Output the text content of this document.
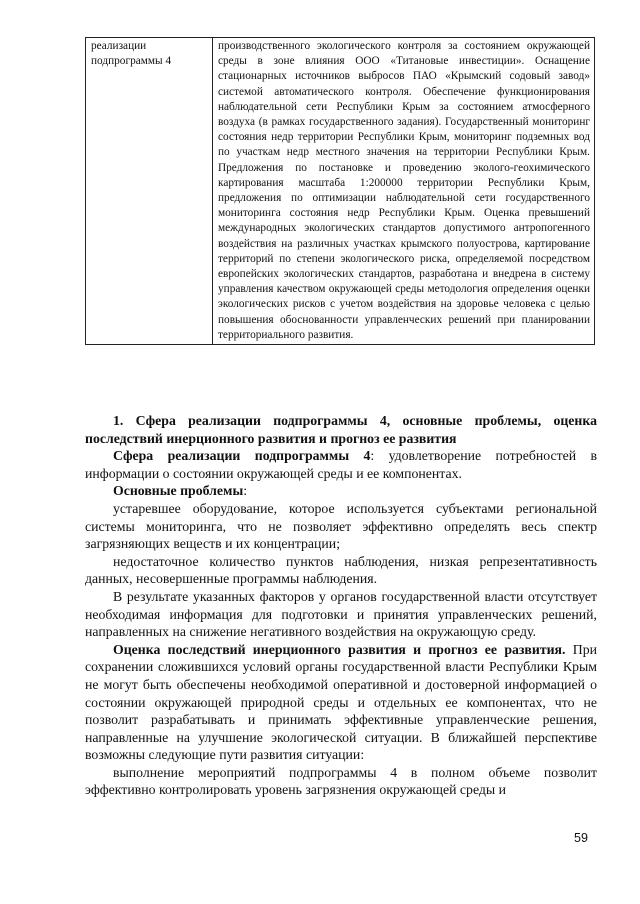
реализации подпрограммы 4	производственного экологического контроля за состоянием окружающей среды в зоне влияния ООО «Титановые инвестиции». Оснащение стационарных источников выбросов ПАО «Крымский содовый завод» системой автоматического контроля. Обеспечение функционирования наблюдательной сети Республики Крым за состоянием атмосферного воздуха (в рамках государственного задания). Государственный мониторинг состояния недр территории Республики Крым, мониторинг подземных вод по участкам недр местного значения на территории Республики Крым. Предложения по постановке и проведению эколого-геохимического картирования масштаба 1:200000 территории Республики Крым, предложения по оптимизации наблюдательной сети государственного мониторинга состояния недр Республики Крым. Оценка превышений международных экологических стандартов допустимого антропогенного воздействия на различных участках крымского полуострова, картирование территорий по степени экологического риска, определяемой посредством европейских экологических стандартов, разработана и внедрена в систему управления качеством окружающей среды методология определения оценки экологических рисков с учетом воздействия на здоровье человека с целью повышения обоснованности управленческих решений при планировании территориального развития.

1. Сфера реализации подпрограммы 4, основные проблемы, оценка последствий инерционного развития и прогноз ее развития

Сфера реализации подпрограммы 4: удовлетворение потребностей в информации о состоянии окружающей среды и ее компонентах.

Основные проблемы:

устаревшее оборудование, которое используется субъектами региональной системы мониторинга, что не позволяет эффективно определять весь спектр загрязняющих веществ и их концентрации;

недостаточное количество пунктов наблюдения, низкая репрезентативность данных, несовершенные программы наблюдения.

В результате указанных факторов у органов государственной власти отсутствует необходимая информация для подготовки и принятия управленческих решений, направленных на снижение негативного воздействия на окружающую среду.

Оценка последствий инерционного развития и прогноз ее развития. При сохранении сложившихся условий органы государственной власти Республики Крым не могут быть обеспечены необходимой оперативной и достоверной информацией о состоянии окружающей природной среды и отдельных ее компонентах, что не позволит разрабатывать и принимать эффективные управленческие решения, направленные на улучшение экологической ситуации. В ближайшей перспективе возможны следующие пути развития ситуации:

выполнение мероприятий подпрограммы 4 в полном объеме позволит эффективно контролировать уровень загрязнения окружающей среды и

59
